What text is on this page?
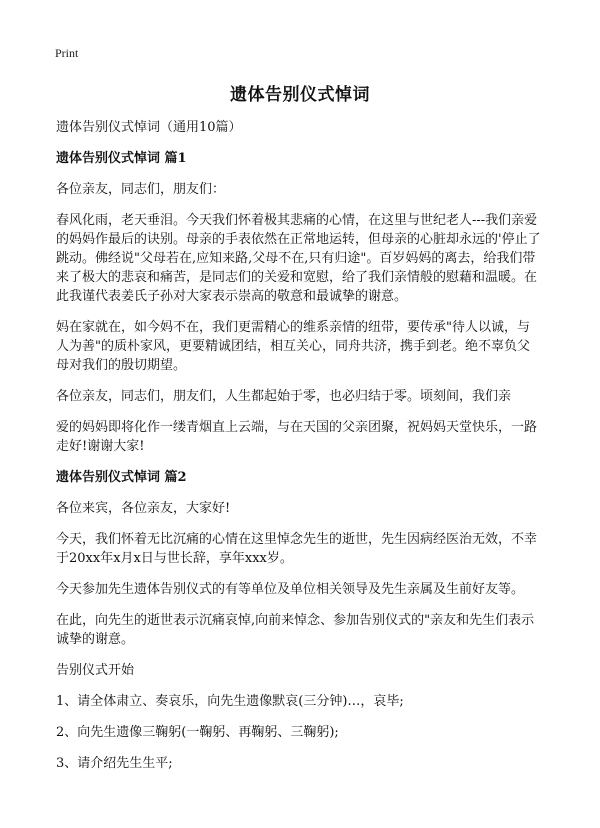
Print
遗体告别仪式悼词

遗体告别仪式悼词（通用10篇）

遗体告别仪式悼词 篇1

各位亲友，同志们，朋友们：

春风化雨，老天垂泪。今天我们怀着极其悲痛的心情，在这里与世纪老人---我们亲爱的妈妈作最后的诀别。母亲的手表依然在正常地运转，但母亲的心脏却永远的'停止了跳动。佛经说"父母若在,应知来路,父母不在,只有归途"。百岁妈妈的离去，给我们带来了极大的悲哀和痛苦，是同志们的关爱和宽慰，给了我们亲情般的慰藉和温暖。在此我谨代表姜氏子孙对大家表示崇高的敬意和最诚挚的谢意。

妈在家就在，如今妈不在，我们更需精心的维系亲情的纽带，要传承"待人以诚，与人为善"的质朴家风，更要精诚团结，相互关心，同舟共济，携手到老。绝不辜负父母对我们的殷切期望。

各位亲友，同志们，朋友们，人生都起始于零，也必归结于零。顷刻间，我们亲

爱的妈妈即将化作一缕青烟直上云端，与在天国的父亲团聚，祝妈妈天堂快乐，一路走好!谢谢大家!

遗体告别仪式悼词 篇2

各位来宾，各位亲友，大家好!

今天，我们怀着无比沉痛的心情在这里悼念先生的逝世，先生因病经医治无效，不幸于20xx年x月x日与世长辞，享年xxx岁。

今天参加先生遗体告别仪式的有等单位及单位相关领导及先生亲属及生前好友等。

在此，向先生的逝世表示沉痛哀悼,向前来悼念、参加告别仪式的"亲友和先生们表示诚挚的谢意。

告别仪式开始

1、请全体肃立、奏哀乐，向先生遗像默哀(三分钟)…，哀毕;

2、向先生遗像三鞠躬(一鞠躬、再鞠躬、三鞠躬);

3、请介绍先生生平;
